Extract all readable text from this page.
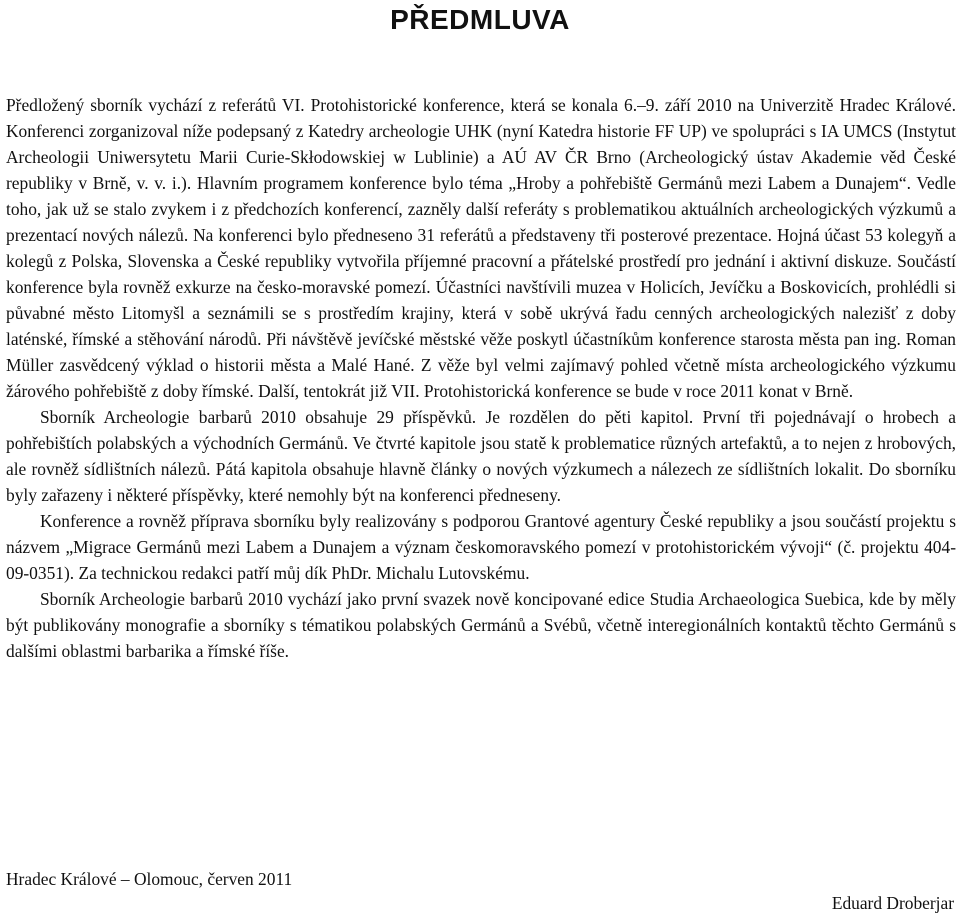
PŘEDMLUVA

Předložený sborník vychází z referátů VI. Protohistorické konference, která se konala 6.–9. září 2010 na Univerzitě Hradec Králové. Konferenci zorganizoval níže podepsaný z Katedry archeologie UHK (nyní Katedra historie FF UP) ve spolupráci s IA UMCS (Instytut Archeologii Uniwersytetu Marii Curie-Skłodowskiej w Lublinie) a AÚ AV ČR Brno (Archeologický ústav Akademie věd České republiky v Brně, v. v. i.). Hlavním programem konference bylo téma „Hroby a pohřebiště Germánů mezi Labem a Dunajem“. Vedle toho, jak už se stalo zvykem i z předchozích konferencí, zazněly další referáty s problematikou aktuálních archeologických výzkumů a prezentací nových nálezů. Na konferenci bylo předneseno 31 referátů a představeny tři posterové prezentace. Hojná účast 53 kolegyň a kolegů z Polska, Slovenska a České republiky vytvořila příjemné pracovní a přátelské prostředí pro jednání i aktivní diskuze. Součástí konference byla rovněž exkurze na česko-moravské pomezí. Účastníci navštívili muzea v Holicích, Jevíčku a Boskovicích, prohlédli si půvabné město Litomyšl a seznámili se s prostředím krajiny, která v sobě ukrývá řadu cenných archeologických nalezišť z doby laténské, římské a stěhování národů. Při návštěvě jevíčské městské věže poskytl účastníkům konference starosta města pan ing. Roman Müller zasvědcený výklad o historii města a Malé Hané. Z věže byl velmi zajímavý pohled včetně místa archeologického výzkumu žárového pohřebiště z doby římské. Další, tentokrát již VII. Protohistorická konference se bude v roce 2011 konat v Brně.

Sborník Archeologie barbarů 2010 obsahuje 29 příspěvků. Je rozdělen do pěti kapitol. První tři pojednávají o hrobech a pohřebištích polabských a východních Germánů. Ve čtvrté kapitole jsou statě k problematice různých artefaktů, a to nejen z hrobových, ale rovněž sídlištních nálezů. Pátá kapitola obsahuje hlavně články o nových výzkumech a nálezech ze sídlištních lokalit. Do sborníku byly zařazeny i některé příspěvky, které nemohly být na konferenci předneseny.

Konference a rovněž příprava sborníku byly realizovány s podporou Grantové agentury České republiky a jsou součástí projektu s názvem „Migrace Germánů mezi Labem a Dunajem a význam českomoravského pomezí v protohistorickém vývoji“ (č. projektu 404-09-0351). Za technickou redakci patří můj dík PhDr. Michalu Lutovskému.

Sborník Archeologie barbarů 2010 vychází jako první svazek nově koncipované edice Studia Archaeologica Suebica, kde by měly být publikovány monografie a sborníky s tématikou polabských Germánů a Svébů, včetně interegionálních kontaktů těchto Germánů s dalšími oblastmi barbarika a římské říše.

Hradec Králové – Olomouc, červen 2011
Eduard Droberjar
